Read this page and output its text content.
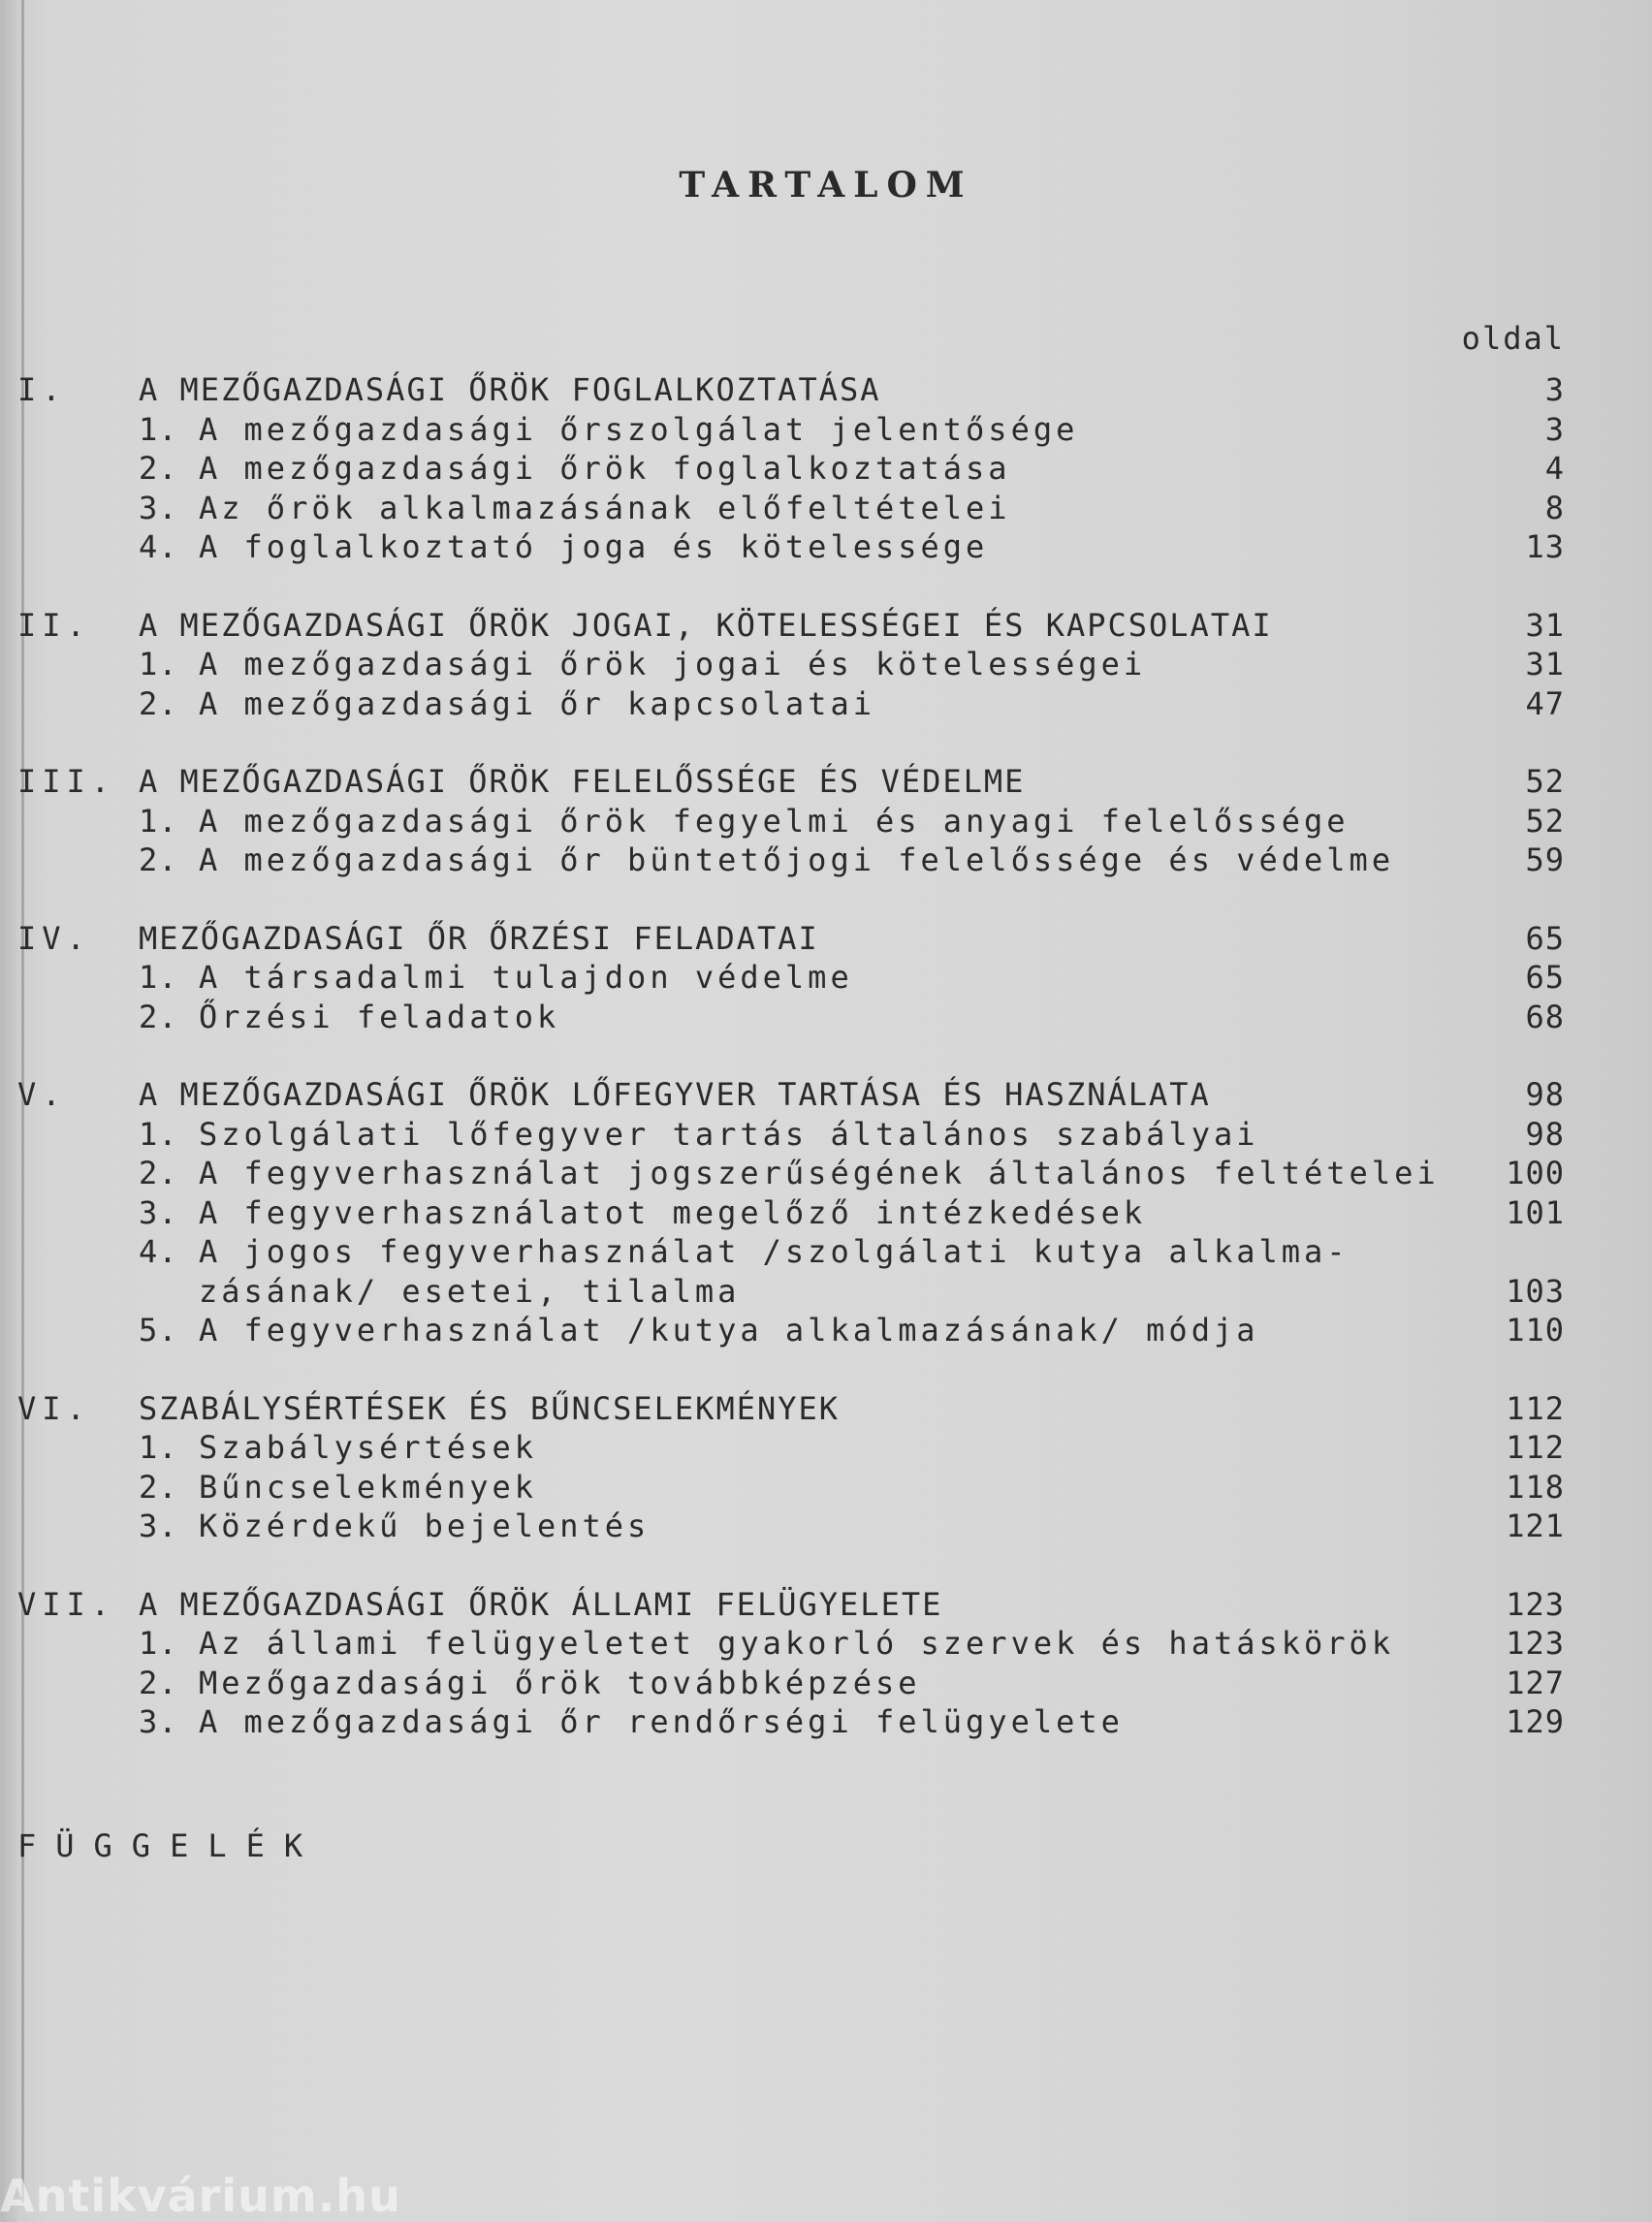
TARTALOM
oldal
I.	A MEZŐGAZDASÁGI ŐRÖK FOGLALKOZTATÁSA	3
1. A mezőgazdasági őrszolgálat jelentősége	3
2. A mezőgazdasági őrök foglalkoztatása	4
3. Az őrök alkalmazásának előfeltételei	8
4. A foglalkoztató joga és kötelessége	13
II.	A MEZŐGAZDASÁGI ŐRÖK JOGAI, KÖTELESSÉGEI ÉS KAPCSOLATAI	31
1. A mezőgazdasági őrök jogai és kötelességei	31
2. A mezőgazdasági őr kapcsolatai	47
III. A MEZŐGAZDASÁGI ŐRÖK FELELŐSSÉGE ÉS VÉDELME	52
1. A mezőgazdasági őrök fegyelmi és anyagi felelőssége	52
2. A mezőgazdasági őr büntetőjogi felelőssége és védelme	59
IV.	MEZŐGAZDASÁGI ŐR ŐRZÉSI FELADATAI	65
1. A társadalmi tulajdon védelme	65
2. Őrzési feladatok	68
V.	A MEZŐGAZDASÁGI ŐRÖK LŐFEGYVER TARTÁSA ÉS HASZNÁLATA	98
1. Szolgálati lőfegyver tartás általános szabályai	98
2. A fegyverhasználat jogszerűségének általános feltételei	100
3. A fegyverhasználatot megelőző intézkedések	101
4. A jogos fegyverhasználat /szolgálati kutya alkalma-
zásának/ esetei, tilalma	103
5. A fegyverhasználat /kutya alkalmazásának/ módja	110
VI.	SZABÁLYSÉRTÉSEK ÉS BŰNCSELEKMÉNYEK	112
1. Szabálysértések	112
2. Bűncselekmények	118
3. Közérdekű bejelentés	121
VII. A MEZŐGAZDASÁGI ŐRÖK ÁLLAMI FELÜGYELETE	123
1. Az állami felügyeletet gyakorló szervek és hatáskörök	123
2. Mezőgazdasági őrök továbbképzése	127
3. A mezőgazdasági őr rendőrségi felügyelete	129
FÜGGELÉK
Antikvárium.hu
